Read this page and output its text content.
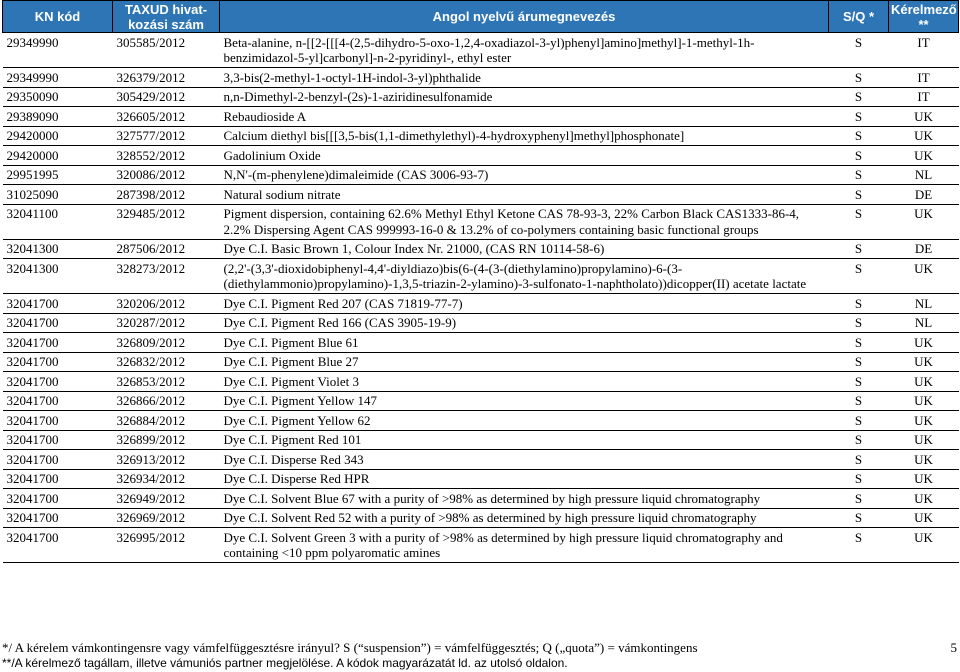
KN kód	TAXUD hivat-kozási szám	Angol nyelvű árumegnevezés	S/Q *	Kérelmező **
29349990	305585/2012	Beta-alanine, n-[[2-[[[4-(2,5-dihydro-5-oxo-1,2,4-oxadiazol-3-yl)phenyl]amino]methyl]-1-methyl-1h-benzimidazol-5-yl]carbonyl]-n-2-pyridinyl-, ethyl ester	S	IT
29349990	326379/2012	3,3-bis(2-methyl-1-octyl-1H-indol-3-yl)phthalide	S	IT
29350090	305429/2012	n,n-Dimethyl-2-benzyl-(2s)-1-aziridinesulfonamide	S	IT
29389090	326605/2012	Rebaudioside A	S	UK
29420000	327577/2012	Calcium diethyl bis[[[3,5-bis(1,1-dimethylethyl)-4-hydroxyphenyl]methyl]phosphonate]	S	UK
29420000	328552/2012	Gadolinium Oxide	S	UK
29951995	320086/2012	N,N'-(m-phenylene)dimaleimide (CAS 3006-93-7)	S	NL
31025090	287398/2012	Natural sodium nitrate	S	DE
32041100	329485/2012	Pigment dispersion, containing 62.6% Methyl Ethyl Ketone CAS 78-93-3, 22% Carbon Black CAS1333-86-4, 2.2% Dispersing Agent CAS 999993-16-0 & 13.2% of co-polymers containing basic functional groups	S	UK
32041300	287506/2012	Dye C.I. Basic Brown 1, Colour Index Nr. 21000, (CAS RN 10114-58-6)	S	DE
32041300	328273/2012	(2,2'-(3,3'-dioxidobiphenyl-4,4'-diyldiazo)bis(6-(4-(3-(diethylamino)propylamino)-6-(3-(diethylammonio)propylamino)-1,3,5-triazin-2-ylamino)-3-sulfonato-1-naphtholato))dicopper(II) acetate lactate	S	UK
32041700	320206/2012	Dye C.I. Pigment Red 207 (CAS 71819-77-7)	S	NL
32041700	320287/2012	Dye C.I. Pigment Red 166 (CAS 3905-19-9)	S	NL
32041700	326809/2012	Dye C.I. Pigment Blue 61	S	UK
32041700	326832/2012	Dye C.I. Pigment Blue 27	S	UK
32041700	326853/2012	Dye C.I. Pigment Violet 3	S	UK
32041700	326866/2012	Dye C.I. Pigment Yellow 147	S	UK
32041700	326884/2012	Dye C.I. Pigment Yellow 62	S	UK
32041700	326899/2012	Dye C.I. Pigment Red 101	S	UK
32041700	326913/2012	Dye C.I. Disperse Red 343	S	UK
32041700	326934/2012	Dye C.I. Disperse Red HPR	S	UK
32041700	326949/2012	Dye C.I. Solvent Blue 67 with a purity of >98% as determined by high pressure liquid chromatography	S	UK
32041700	326969/2012	Dye C.I. Solvent Red 52 with a purity of >98% as determined by high pressure liquid chromatography	S	UK
32041700	326995/2012	Dye C.I. Solvent Green 3 with a purity of >98% as determined by high pressure liquid chromatography and containing <10 ppm polyaromatic amines	S	UK
*/ A kérelem vámkontingensre vagy vámfelfüggesztésre irányul? S (“suspension”) = vámfelfüggesztés; Q („quota”) = vámkontingens
**/A kérelmező tagállam, illetve vámuniós partner megjelölése. A kódok magyarázatát ld. az utolsó oldalon.
5
